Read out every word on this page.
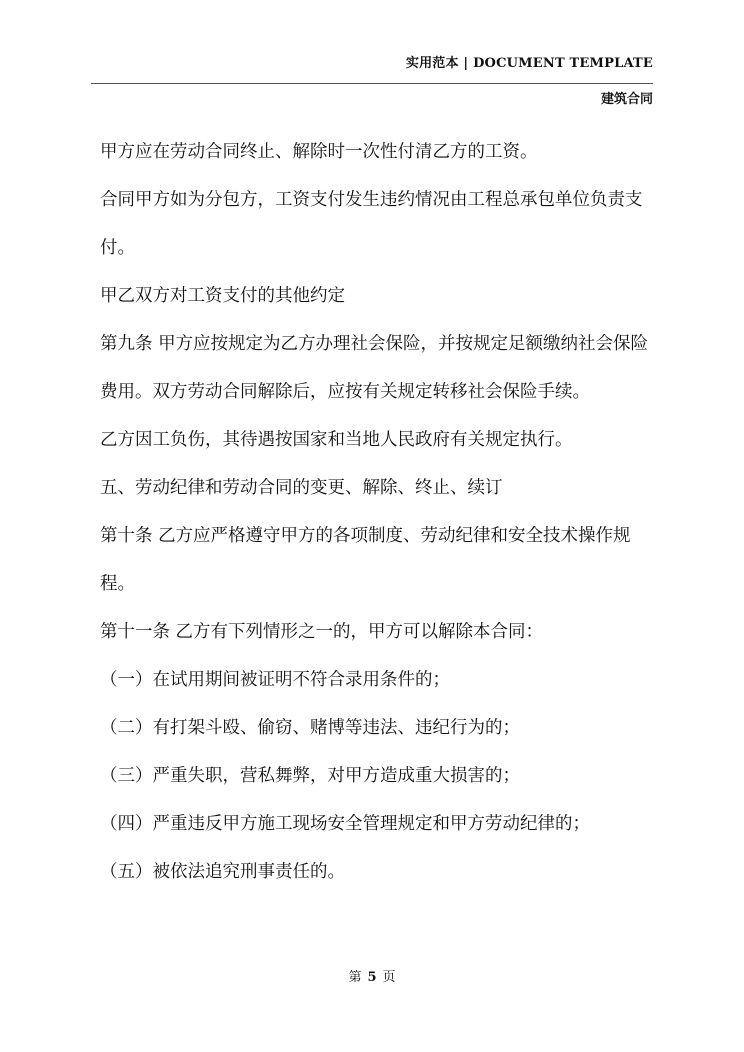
实用范本 | DOCUMENT TEMPLATE
建筑合同

甲方应在劳动合同终止、解除时一次性付清乙方的工资。

合同甲方如为分包方，工资支付发生违约情况由工程总承包单位负责支付。

甲乙双方对工资支付的其他约定

第九条 甲方应按规定为乙方办理社会保险，并按规定足额缴纳社会保险费用。双方劳动合同解除后，应按有关规定转移社会保险手续。

乙方因工负伤，其待遇按国家和当地人民政府有关规定执行。

五、劳动纪律和劳动合同的变更、解除、终止、续订

第十条 乙方应严格遵守甲方的各项制度、劳动纪律和安全技术操作规程。

第十一条 乙方有下列情形之一的，甲方可以解除本合同：

（一）在试用期间被证明不符合录用条件的；

（二）有打架斗殴、偷窃、赌博等违法、违纪行为的；

（三）严重失职，营私舞弊，对甲方造成重大损害的；

（四）严重违反甲方施工现场安全管理规定和甲方劳动纪律的；

（五）被依法追究刑事责任的。

第 5 页
